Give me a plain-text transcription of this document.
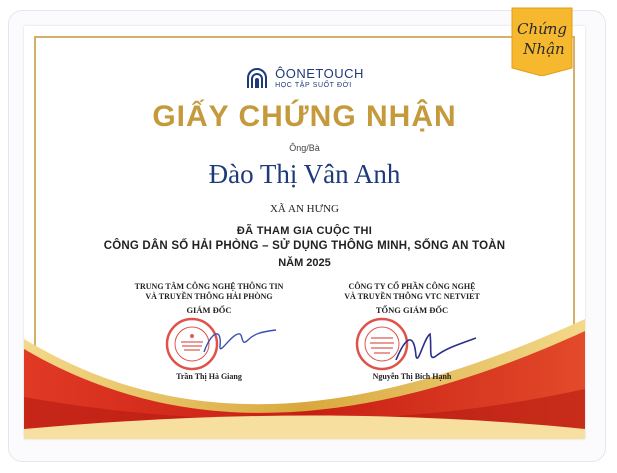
ÔONETOUCH
HỌC TẬP SUỐT ĐỜI
GIẤY CHỨNG NHẬN
Ông/Bà
Đào Thị Vân Anh
XÃ AN HƯNG
ĐÃ THAM GIA CUỘC THI
CÔNG DÂN SỐ HẢI PHÒNG – SỬ DỤNG THÔNG MINH, SỐNG AN TOÀN
NĂM 2025
TRUNG TÂM CÔNG NGHỆ THÔNG TIN
VÀ TRUYỀN THÔNG HẢI PHÒNG
GIÁM ĐỐC
CÔNG TY CỔ PHẦN CÔNG NGHỆ
VÀ TRUYỀN THÔNG VTC NETVIET
TỔNG GIÁM ĐỐC
Trần Thị Hà Giang	Nguyễn Thị Bích Hạnh
Chứng
Nhận
